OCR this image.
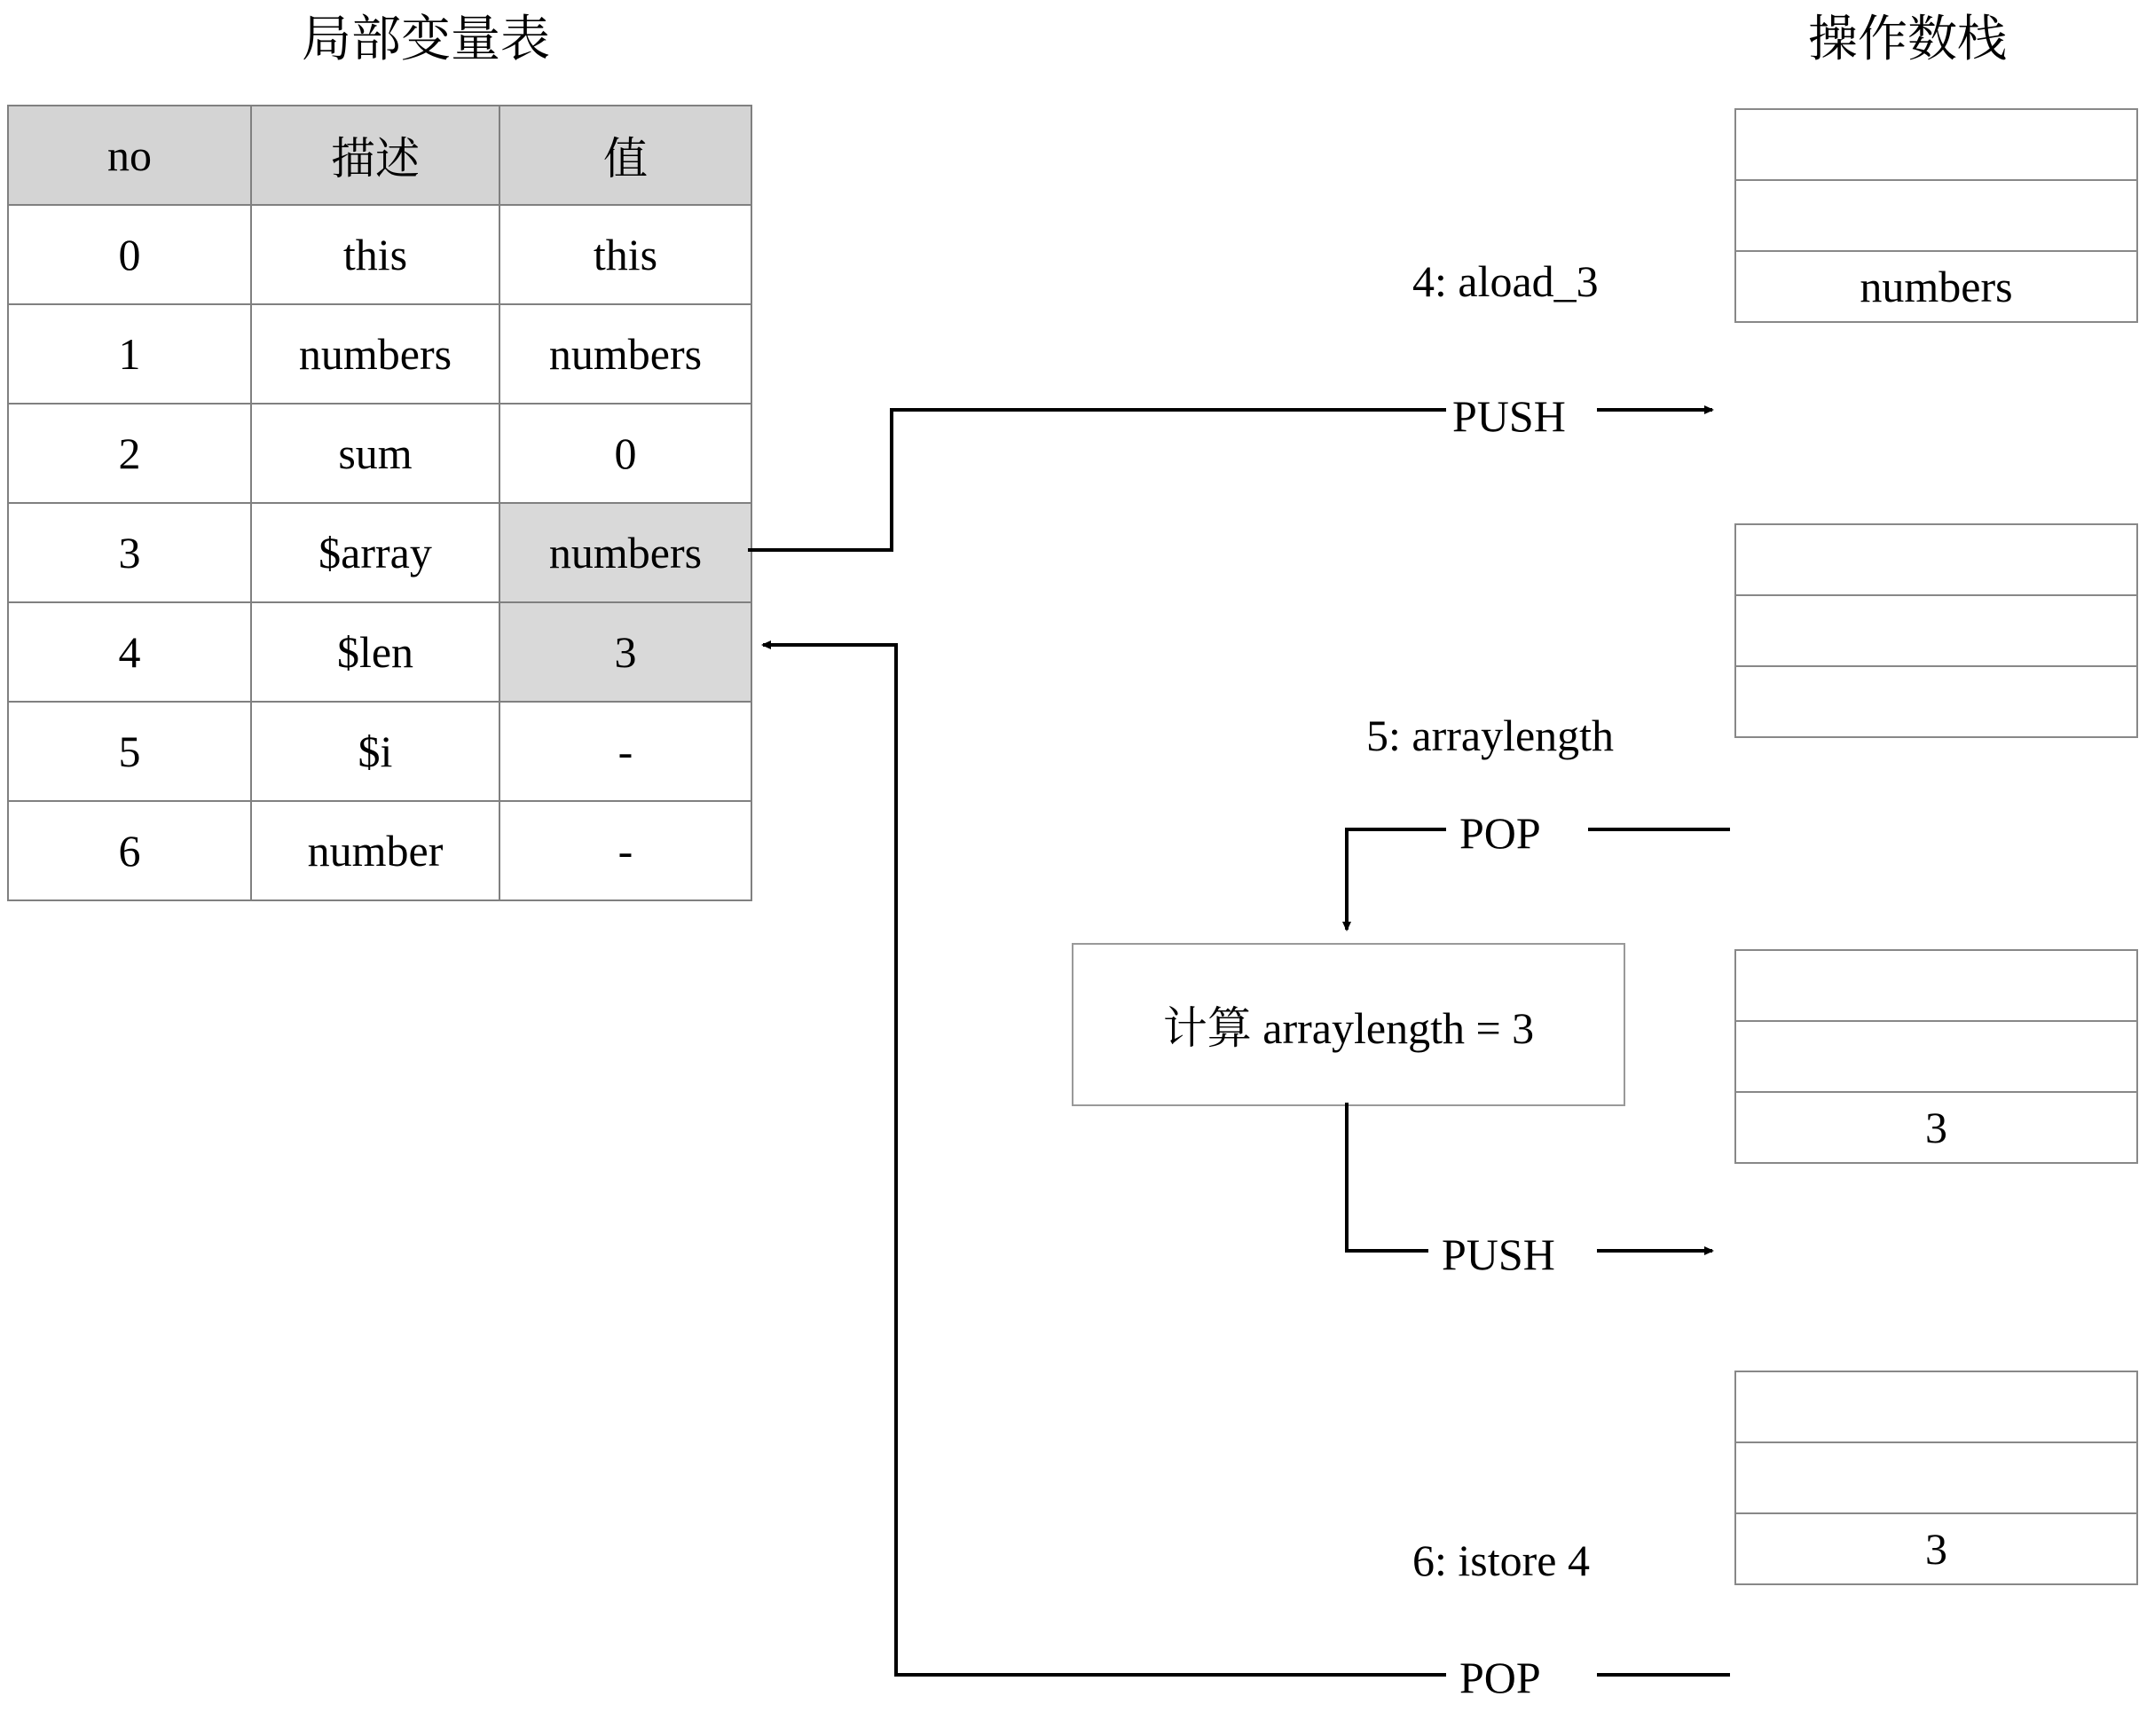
局部变量表	操作数栈
no	描述	值
0	this	this
1	numbers	numbers
2	sum	0
3	$array	numbers
4	$len	3
5	$i	-
6	number	-
numbers
3
3
4: aload_3
5: arraylength
6: istore 4
PUSH
POP
PUSH
POP
计算 arraylength = 3
